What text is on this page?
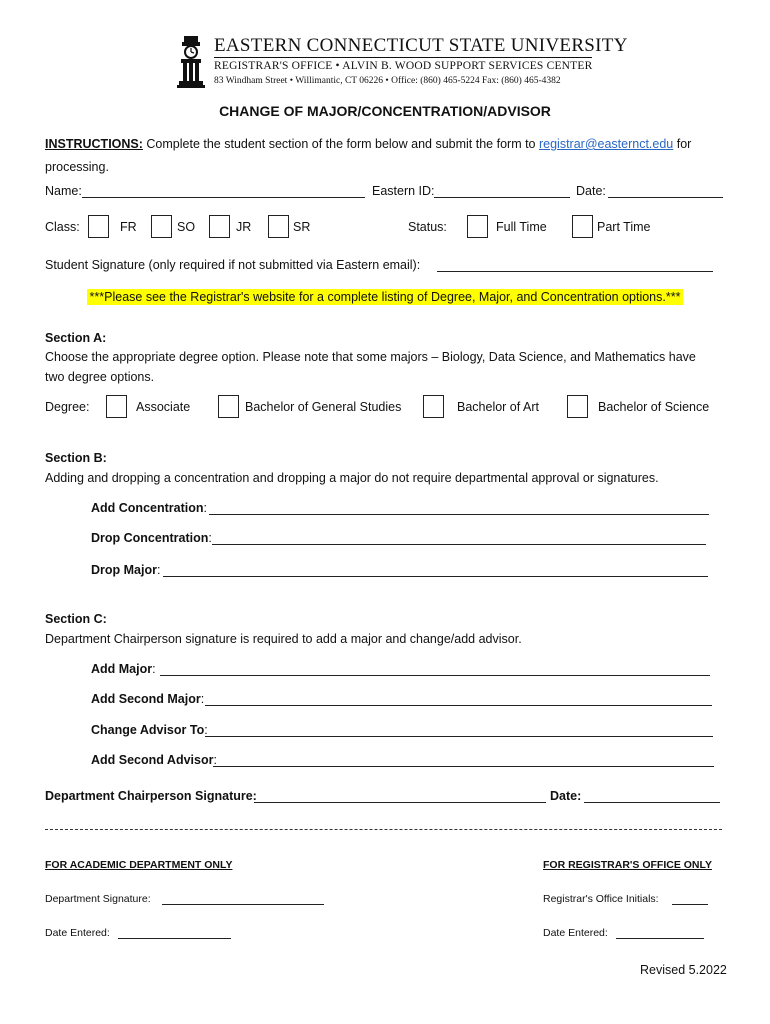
EASTERN CONNECTICUT STATE UNIVERSITY
REGISTRAR'S OFFICE • ALVIN B. WOOD SUPPORT SERVICES CENTER
83 Windham Street • Willimantic, CT 06226 • Office: (860) 465-5224 Fax: (860) 465-4382
CHANGE OF MAJOR/CONCENTRATION/ADVISOR
INSTRUCTIONS: Complete the student section of the form below and submit the form to registrar@easternct.edu for
processing.
Name:	Eastern ID:	Date:
Class:	FR	SO	JR	SR	Status:	Full Time	Part Time
Student Signature (only required if not submitted via Eastern email):
***Please see the Registrar's website for a complete listing of Degree, Major, and Concentration options.***
Section A:
Choose the appropriate degree option. Please note that some majors – Biology, Data Science, and Mathematics have
two degree options.
Degree:	Associate	Bachelor of General Studies	Bachelor of Art	Bachelor of Science
Section B:
Adding and dropping a concentration and dropping a major do not require departmental approval or signatures.
Add Concentration:
Drop Concentration:
Drop Major:
Section C:
Department Chairperson signature is required to add a major and change/add advisor.
Add Major:
Add Second Major:
Change Advisor To:
Add Second Advisor:
Department Chairperson Signature:	Date:
FOR ACADEMIC DEPARTMENT ONLY	FOR REGISTRAR'S OFFICE ONLY
Department Signature:	Registrar's Office Initials:
Date Entered:	Date Entered:
Revised 5.2022
